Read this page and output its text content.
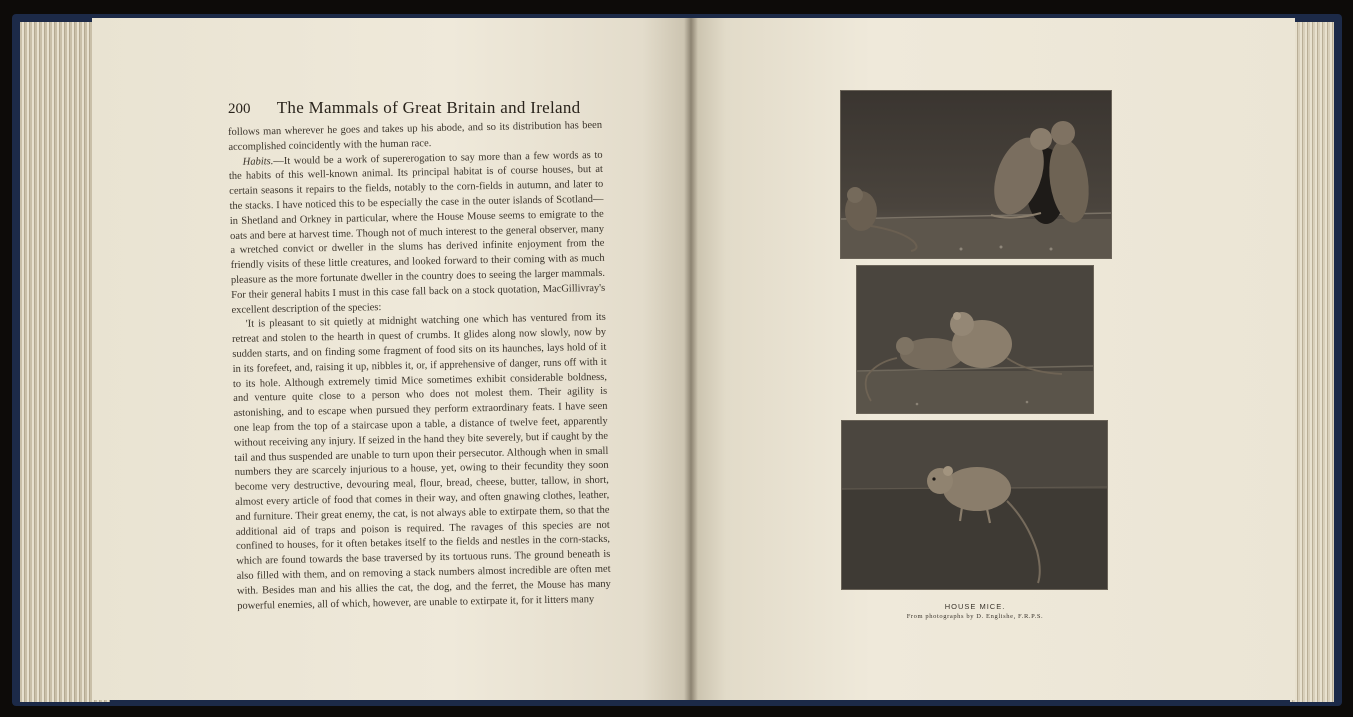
200 The Mammals of Great Britain and Ireland

follows man wherever he goes and takes up his abode, and so its distribution has been accomplished coincidently with the human race.

Habits.—It would be a work of supererogation to say more than a few words as to the habits of this well-known animal. Its principal habitat is of course houses, but at certain seasons it repairs to the fields, notably to the corn-fields in autumn, and later to the stacks. I have noticed this to be especially the case in the outer islands of Scotland—in Shetland and Orkney in particular, where the House Mouse seems to emigrate to the oats and bere at harvest time. Though not of much interest to the general observer, many a wretched convict or dweller in the slums has derived infinite enjoyment from the friendly visits of these little creatures, and looked forward to their coming with as much pleasure as the more fortunate dweller in the country does to seeing the larger mammals. For their general habits I must in this case fall back on a stock quotation, MacGillivray's excellent description of the species:

'It is pleasant to sit quietly at midnight watching one which has ventured from its retreat and stolen to the hearth in quest of crumbs. It glides along now slowly, now by sudden starts, and on finding some fragment of food sits on its haunches, lays hold of it in its forefeet, and, raising it up, nibbles it, or, if apprehensive of danger, runs off with it to its hole. Although extremely timid Mice sometimes exhibit considerable boldness, and venture quite close to a person who does not molest them. Their agility is astonishing, and to escape when pursued they perform extraordinary feats. I have seen one leap from the top of a staircase upon a table, a distance of twelve feet, apparently without receiving any injury. If seized in the hand they bite severely, but if caught by the tail and thus suspended are unable to turn upon their persecutor. Although when in small numbers they are scarcely injurious to a house, yet, owing to their fecundity they soon become very destructive, devouring meal, flour, bread, cheese, butter, tallow, in short, almost every article of food that comes in their way, and often gnawing clothes, leather, and furniture. Their great enemy, the cat, is not always able to extirpate them, so that the additional aid of traps and poison is required. The ravages of this species are not confined to houses, for it often betakes itself to the fields and nestles in the corn-stacks, which are found towards the base traversed by its tortuous runs. The ground beneath is also filled with them, and on removing a stack numbers almost incredible are often met with. Besides man and his allies the cat, the dog, and the ferret, the Mouse has many powerful enemies, all of which, however, are unable to extirpate it, for it litters many	HOUSE MICE.
From photographs by D. Englishe, F.R.P.S.
